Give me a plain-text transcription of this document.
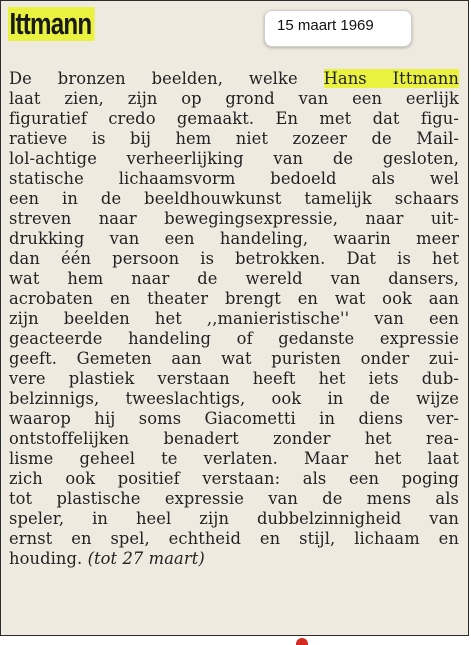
Ittmann
De bronzen beelden, welke Hans Ittmann
laat zien, zijn op grond van een eerlijk
figuratief credo gemaakt. En met dat figu-
ratieve is bij hem niet zozeer de Mail-
lol-achtige verheerlijking van de gesloten,
statische lichaamsvorm bedoeld als wel
een in de beeldhouwkunst tamelijk schaars
streven naar bewegingsexpressie, naar uit-
drukking van een handeling, waarin meer
dan één persoon is betrokken. Dat is het
wat hem naar de wereld van dansers,
acrobaten en theater brengt en wat ook aan
zijn beelden het ,,manieristische'' van een
geacteerde handeling of gedanste expressie
geeft. Gemeten aan wat puristen onder zui-
vere plastiek verstaan heeft het iets dub-
belzinnigs, tweeslachtigs, ook in de wijze
waarop hij soms Giacometti in diens ver-
ontstoffelijken benadert zonder het rea-
lisme geheel te verlaten. Maar het laat
zich ook positief verstaan: als een poging
tot plastische expressie van de mens als
speler, in heel zijn dubbelzinnigheid van
ernst en spel, echtheid en stijl, lichaam en
houding. (tot 27 maart)
15 maart 1969
